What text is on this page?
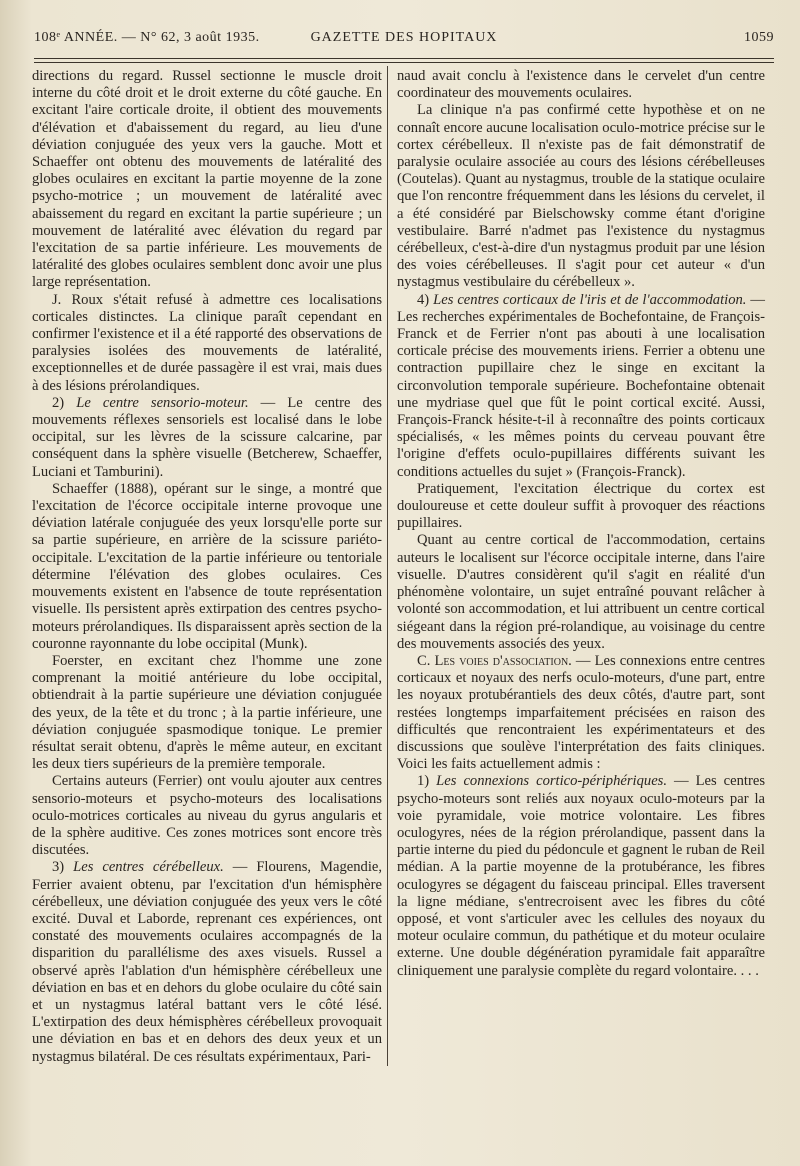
108ᵉ ANNÉE. — N° 62, 3 août 1935.	GAZETTE DES HOPITAUX	1059

directions du regard. Russel sectionne le muscle droit interne du côté droit et le droit externe du côté gauche. En excitant l'aire corticale droite, il obtient des mouvements d'élévation et d'abaissement du regard, au lieu d'une déviation conjuguée des yeux vers la gauche. Mott et Schaeffer ont obtenu des mouvements de latéralité des globes oculaires en excitant la partie moyenne de la zone psycho-motrice ; un mouvement de latéralité avec abaissement du regard en excitant la partie supérieure ; un mouvement de latéralité avec élévation du regard par l'excitation de sa partie inférieure. Les mouvements de latéralité des globes oculaires semblent donc avoir une plus large représentation.

J. Roux s'était refusé à admettre ces localisations corticales distinctes. La clinique paraît cependant en confirmer l'existence et il a été rapporté des observations de paralysies isolées des mouvements de latéralité, exceptionnelles et de durée passagère il est vrai, mais dues à des lésions prérolandiques.

2) Le centre sensorio-moteur. — Le centre des mouvements réflexes sensoriels est localisé dans le lobe occipital, sur les lèvres de la scissure calcarine, par conséquent dans la sphère visuelle (Betcherew, Schaeffer, Luciani et Tamburini).

Schaeffer (1888), opérant sur le singe, a montré que l'excitation de l'écorce occipitale interne provoque une déviation latérale conjuguée des yeux lorsqu'elle porte sur sa partie supérieure, en arrière de la scissure pariéto-occipitale. L'excitation de la partie inférieure ou tentoriale détermine l'élévation des globes oculaires. Ces mouvements existent en l'absence de toute représentation visuelle. Ils persistent après extirpation des centres psycho-moteurs prérolandiques. Ils disparaissent après section de la couronne rayonnante du lobe occipital (Munk).

Foerster, en excitant chez l'homme une zone comprenant la moitié antérieure du lobe occipital, obtiendrait à la partie supérieure une déviation conjuguée des yeux, de la tête et du tronc ; à la partie inférieure, une déviation conjuguée spasmodique tonique. Le premier résultat serait obtenu, d'après le même auteur, en excitant les deux tiers supérieurs de la première temporale.

Certains auteurs (Ferrier) ont voulu ajouter aux centres sensorio-moteurs et psycho-moteurs des localisations oculo-motrices corticales au niveau du gyrus angularis et de la sphère auditive. Ces zones motrices sont encore très discutées.

3) Les centres cérébelleux. — Flourens, Magendie, Ferrier avaient obtenu, par l'excitation d'un hémisphère cérébelleux, une déviation conjuguée des yeux vers le côté excité. Duval et Laborde, reprenant ces expériences, ont constaté des mouvements oculaires accompagnés de la disparition du parallélisme des axes visuels. Russel a observé après l'ablation d'un hémisphère cérébelleux une déviation en bas et en dehors du globe oculaire du côté sain et un nystagmus latéral battant vers le côté lésé. L'extirpation des deux hémisphères cérébelleux provoquait une déviation en bas et en dehors des deux yeux et un nystagmus bilatéral. De ces résultats expérimentaux, Pari-

naud avait conclu à l'existence dans le cervelet d'un centre coordinateur des mouvements oculaires.

La clinique n'a pas confirmé cette hypothèse et on ne connaît encore aucune localisation oculo-motrice précise sur le cortex cérébelleux. Il n'existe pas de fait démonstratif de paralysie oculaire associée au cours des lésions cérébelleuses (Coutelas). Quant au nystagmus, trouble de la statique oculaire que l'on rencontre fréquemment dans les lésions du cervelet, il a été considéré par Bielschowsky comme étant d'origine vestibulaire. Barré n'admet pas l'existence du nystagmus cérébelleux, c'est-à-dire d'un nystagmus produit par une lésion des voies cérébelleuses. Il s'agit pour cet auteur « d'un nystagmus vestibulaire du cérébelleux ».

4) Les centres corticaux de l'iris et de l'accommodation. — Les recherches expérimentales de Bochefontaine, de François-Franck et de Ferrier n'ont pas abouti à une localisation corticale précise des mouvements iriens. Ferrier a obtenu une contraction pupillaire chez le singe en excitant la circonvolution temporale supérieure. Bochefontaine obtenait une mydriase quel que fût le point cortical excité. Aussi, François-Franck hésite-t-il à reconnaître des points corticaux spécialisés, « les mêmes points du cerveau pouvant être l'origine d'effets oculo-pupillaires différents suivant les conditions actuelles du sujet » (François-Franck).

Pratiquement, l'excitation électrique du cortex est douloureuse et cette douleur suffit à provoquer des réactions pupillaires.

Quant au centre cortical de l'accommodation, certains auteurs le localisent sur l'écorce occipitale interne, dans l'aire visuelle. D'autres considèrent qu'il s'agit en réalité d'un phénomène volontaire, un sujet entraîné pouvant relâcher à volonté son accommodation, et lui attribuent un centre cortical siégeant dans la région pré-rolandique, au voisinage du centre des mouvements associés des yeux.

C. Les voies d'association. — Les connexions entre centres corticaux et noyaux des nerfs oculo-moteurs, d'une part, entre les noyaux protubérantiels des deux côtés, d'autre part, sont restées longtemps imparfaitement précisées en raison des difficultés que rencontraient les expérimentateurs et des discussions que soulève l'interprétation des faits cliniques. Voici les faits actuellement admis :

1) Les connexions cortico-périphériques. — Les centres psycho-moteurs sont reliés aux noyaux oculo-moteurs par la voie pyramidale, voie motrice volontaire. Les fibres oculogyres, nées de la région prérolandique, passent dans la partie interne du pied du pédoncule et gagnent le ruban de Reil médian. A la partie moyenne de la protubérance, les fibres oculogyres se dégagent du faisceau principal. Elles traversent la ligne médiane, s'entrecroisent avec les fibres du côté opposé, et vont s'articuler avec les cellules des noyaux du moteur oculaire commun, du pathétique et du moteur oculaire externe. Une double dégénération pyramidale fait apparaître cliniquement une paralysie complète du regard volontaire. . . .
